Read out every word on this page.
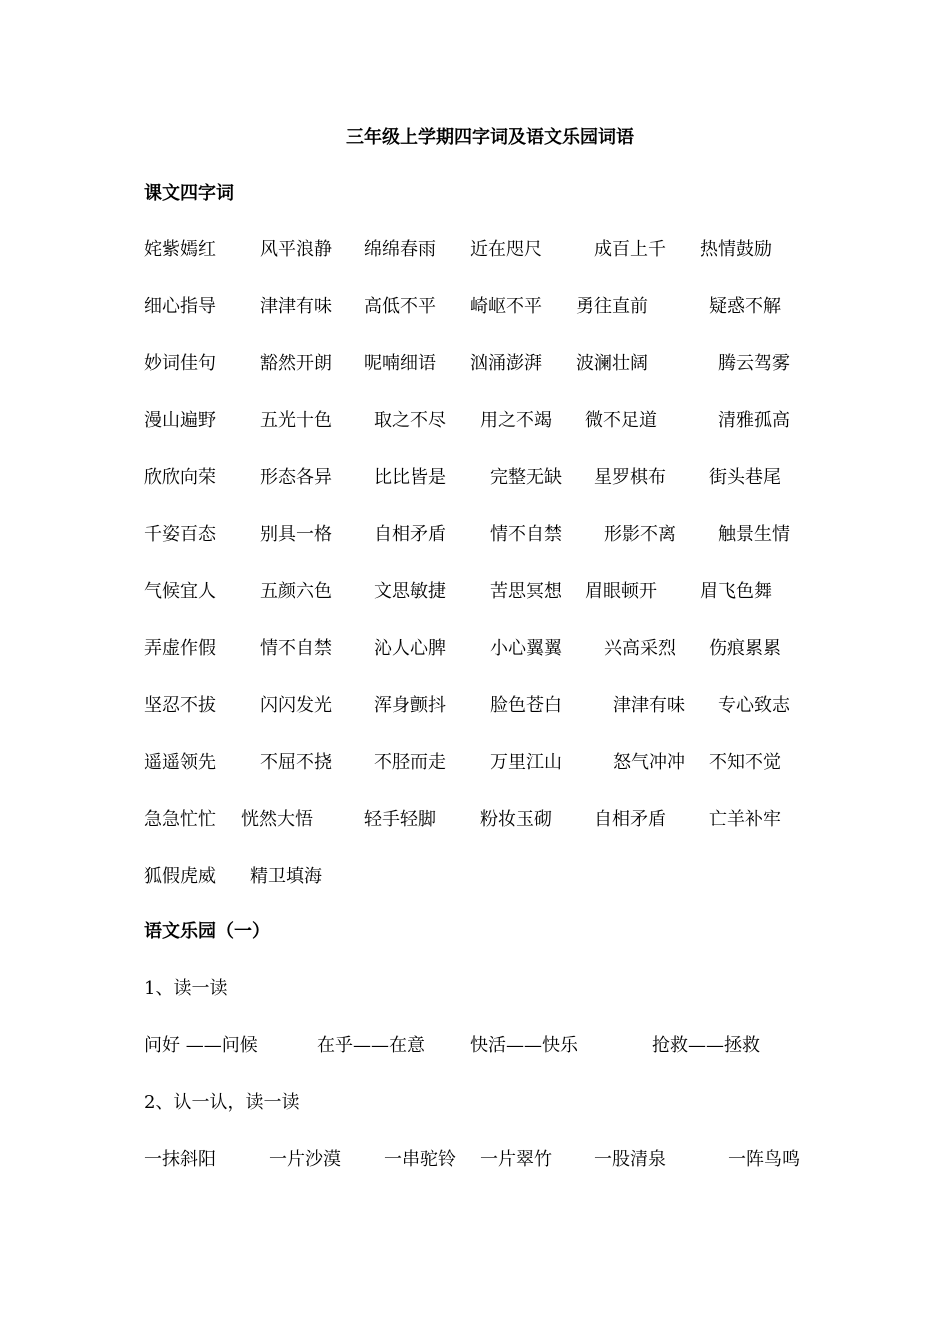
三年级上学期四字词及语文乐园词语
课文四字词
姹紫嫣红 风平浪静 绵绵春雨 近在咫尺	成百上千 热情鼓励
细心指导 津津有味 高低不平 崎岖不平 勇往直前	疑惑不解
妙词佳句 豁然开朗 呢喃细语 汹涌澎湃 波澜壮阔	腾云驾雾
漫山遍野 五光十色 取之不尽 用之不竭 微不足道	清雅孤高
欣欣向荣 形态各异 比比皆是 完整无缺 星罗棋布 街头巷尾
千姿百态 别具一格 自相矛盾 情不自禁 形影不离 触景生情
气候宜人 五颜六色 文思敏捷 苦思冥想 眉眼顿开 眉飞色舞
弄虚作假 情不自禁 沁人心脾 小心翼翼 兴高采烈 伤痕累累
坚忍不拔 闪闪发光 浑身颤抖 脸色苍白	津津有味 专心致志
遥遥领先 不屈不挠 不胫而走 万里江山	怒气冲冲 不知不觉
急急忙忙 恍然大悟	轻手轻脚 粉妆玉砌 自相矛盾 亡羊补牢
狐假虎威 精卫填海
语文乐园（一）
1、读一读
问好 ——问候	在乎——在意	快活——快乐	抢救——拯救
2、认一认，读一读
一抹斜阳	一片沙漠 一串驼铃 一片翠竹 一股清泉	一阵鸟鸣
